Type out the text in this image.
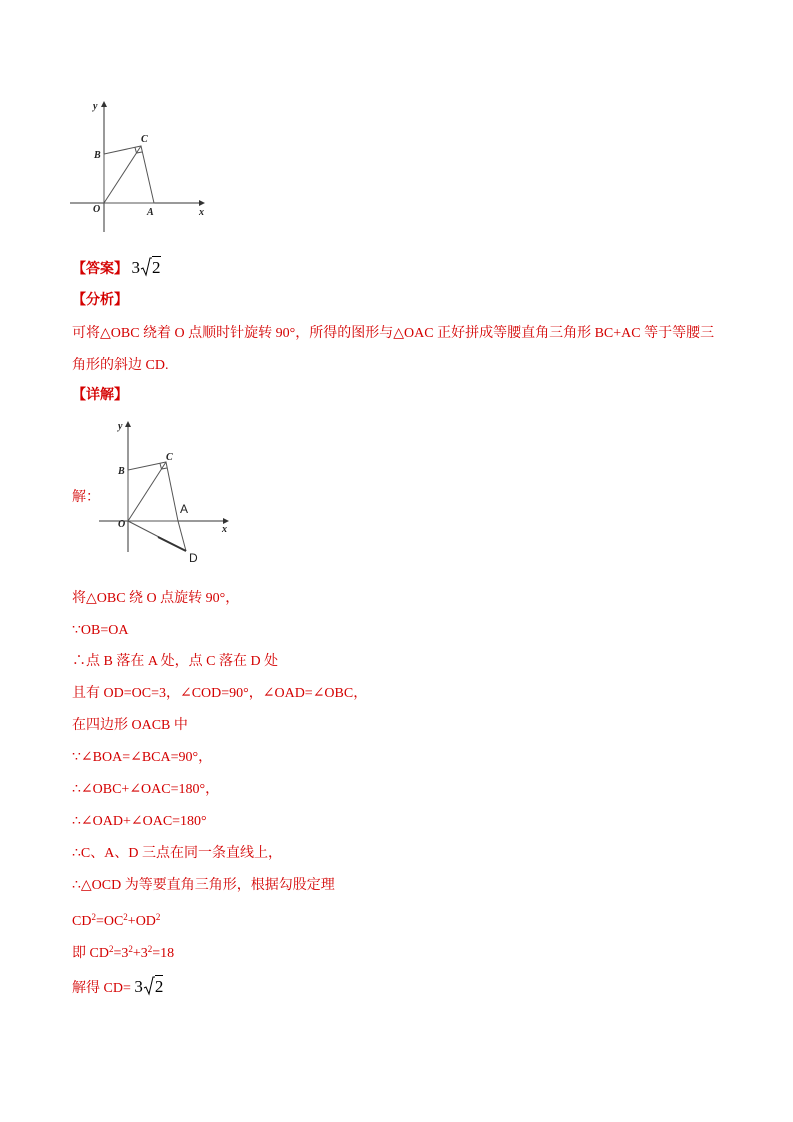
y
x
B
C
O	A
【答案】 3 2
【分析】
可将△OBC 绕着 O 点顺时针旋转 90°，所得的图形与△OAC 正好拼成等腰直角三角形 BC+AC 等于等腰三
角形的斜边 CD.
【详解】
解：
y
x
B
C
O
A
D
将△OBC 绕 O 点旋转 90°，
∵OB=OA
∴点 B 落在 A 处，点 C 落在 D 处
且有 OD=OC=3，∠COD=90°，∠OAD=∠OBC，
在四边形 OACB 中
∵∠BOA=∠BCA=90°，
∴∠OBC+∠OAC=180°，
∴∠OAD+∠OAC=180°
∴C、A、D 三点在同一条直线上，
∴△OCD 为等要直角三角形，根据勾股定理
$CD^2=OC^2+OD^2$
即 $CD^2=3^2+3^2=18$
解得 CD= 3 2
